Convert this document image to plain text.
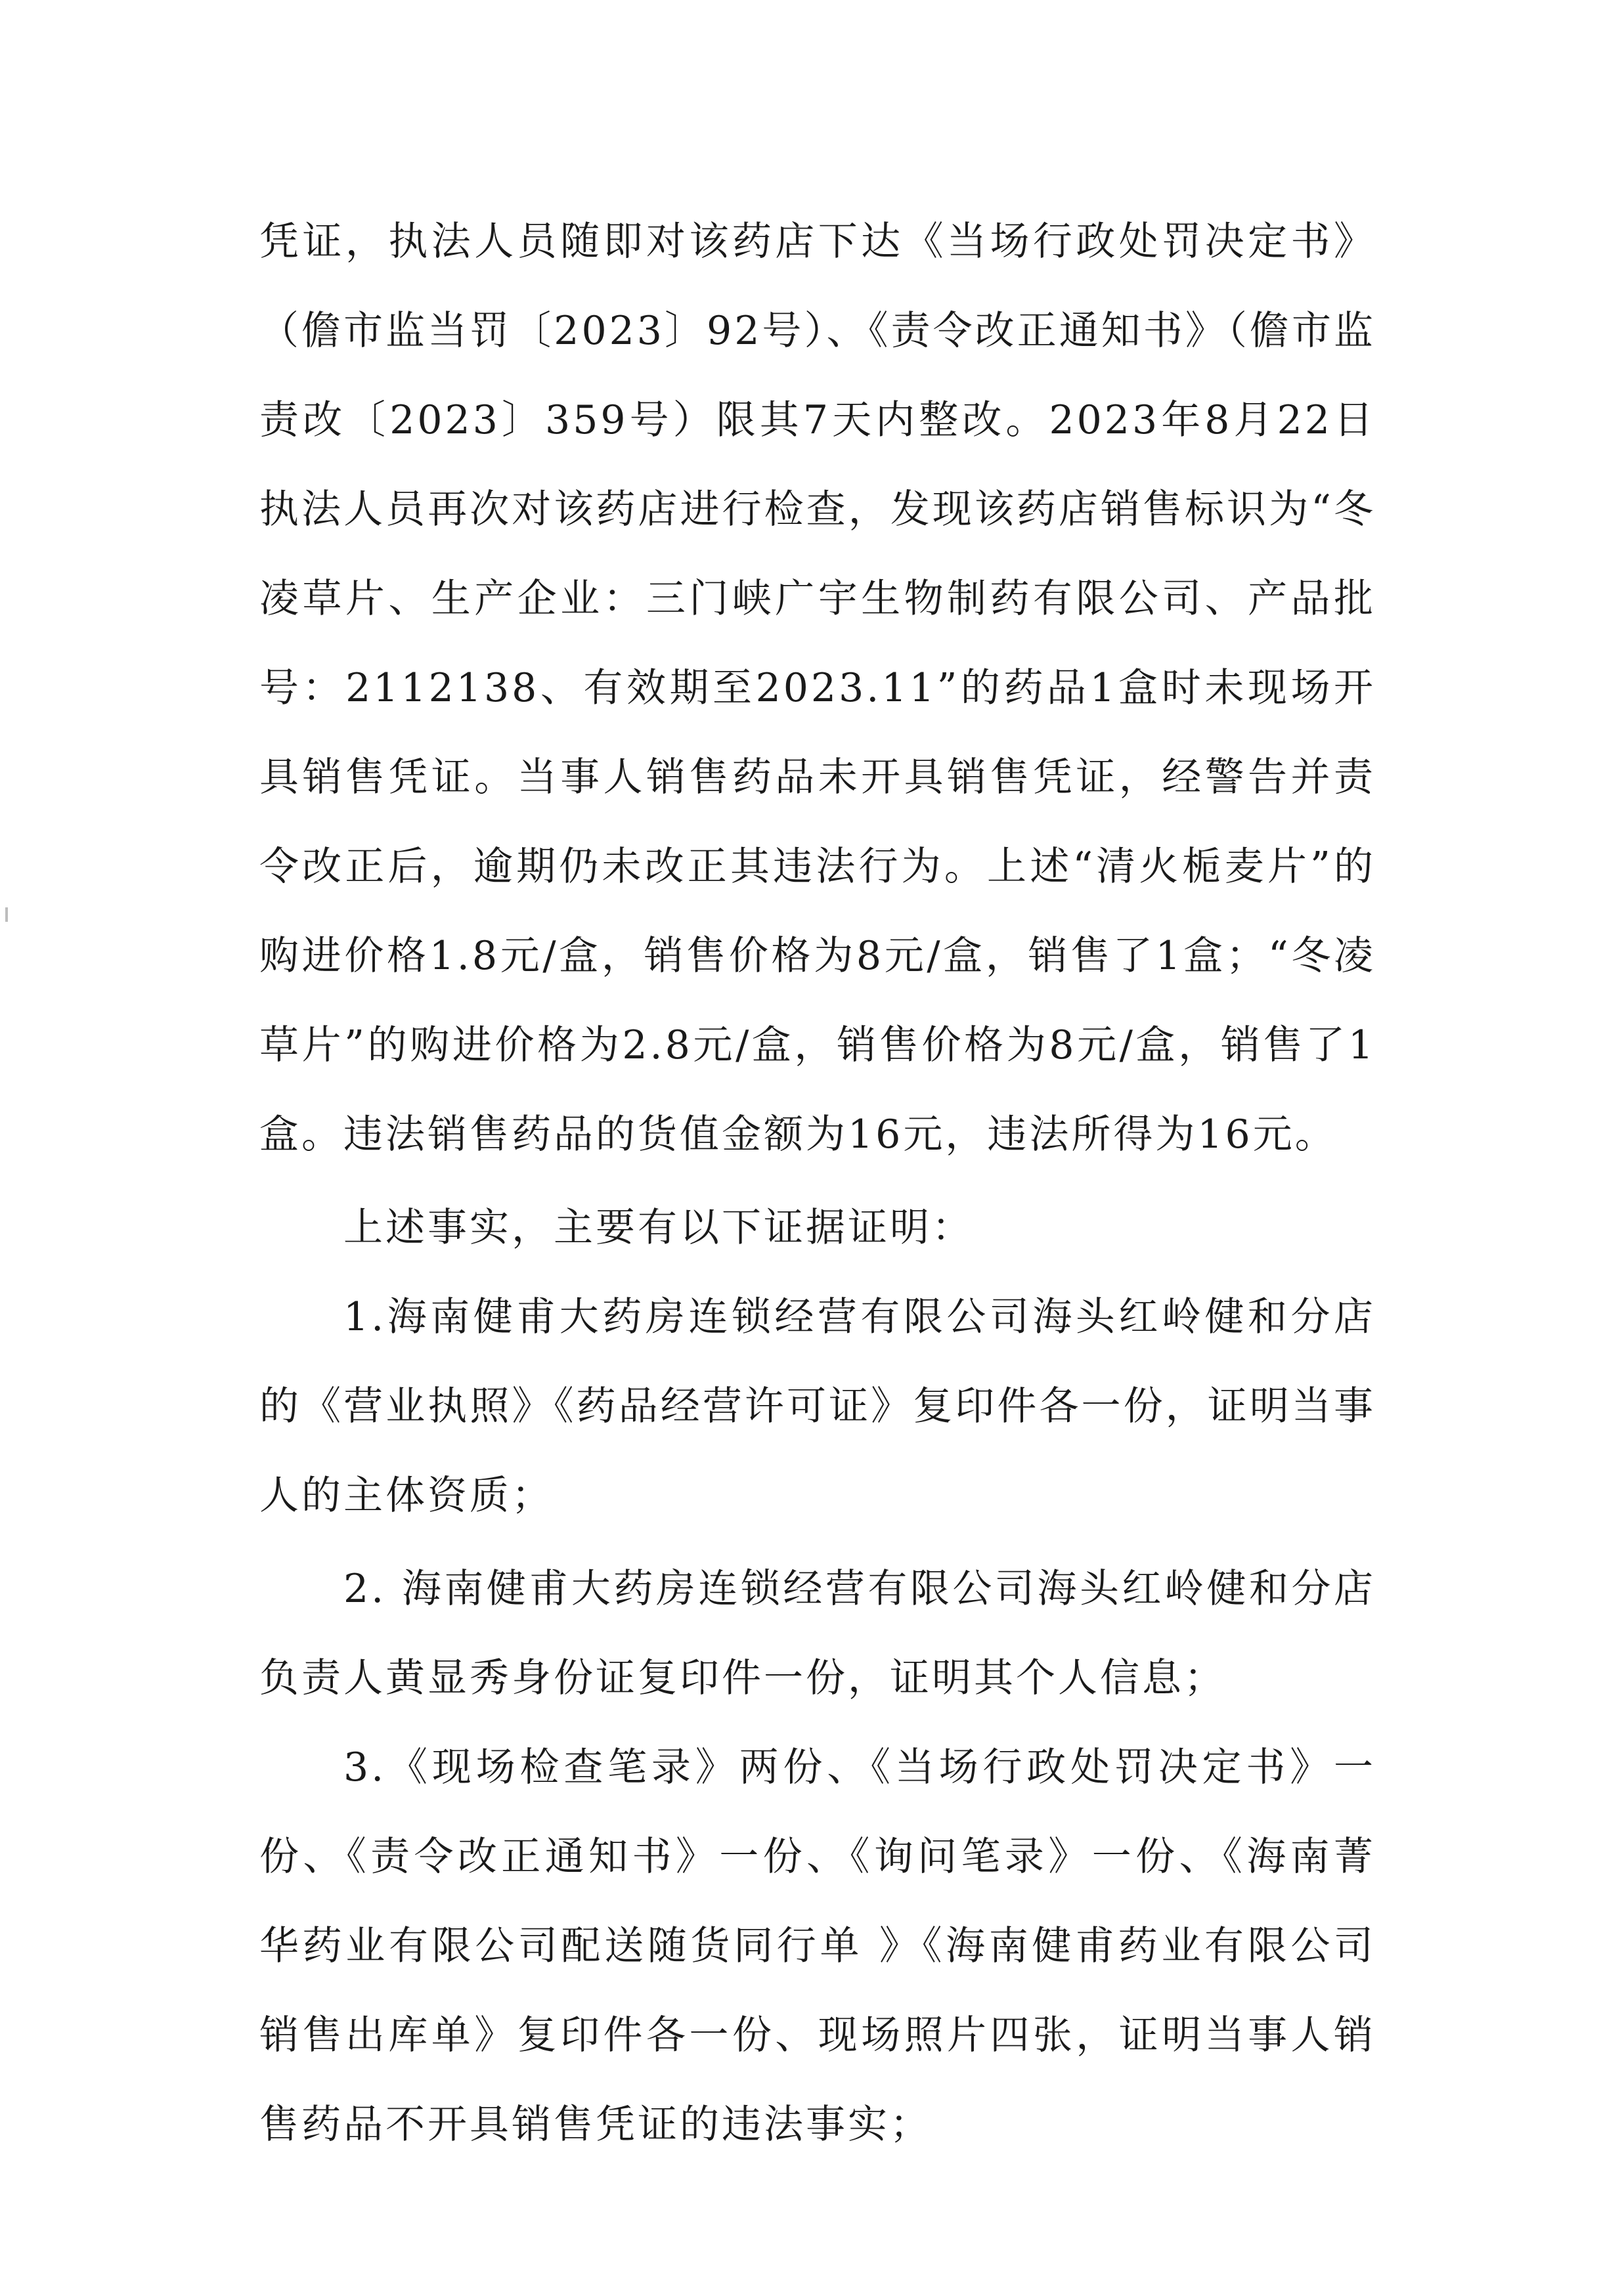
凭证，执法人员随即对该药店下达《当场行政处罚决定书》（儋市监当罚〔2023〕92号）、《责令改正通知书》（儋市监责改〔2023〕359号）限其7天内整改。2023年8月22日执法人员再次对该药店进行检查，发现该药店销售标识为“冬凌草片、生产企业：三门峡广宇生物制药有限公司、产品批号：2112138、有效期至2023.11”的药品1盒时未现场开具销售凭证。当事人销售药品未开具销售凭证，经警告并责令改正后，逾期仍未改正其违法行为。上述“清火栀麦片”的购进价格1.8元/盒，销售价格为8元/盒，销售了1盒；“冬凌草片”的购进价格为2.8元/盒，销售价格为8元/盒，销售了1盒。违法销售药品的货值金额为16元，违法所得为16元。

上述事实，主要有以下证据证明：

1.海南健甫大药房连锁经营有限公司海头红岭健和分店的《营业执照》《药品经营许可证》复印件各一份，证明当事人的主体资质；

2. 海南健甫大药房连锁经营有限公司海头红岭健和分店负责人黄显秀身份证复印件一份，证明其个人信息；

3.《现场检查笔录》两份、《当场行政处罚决定书》一份、《责令改正通知书》一份、《询问笔录》一份、《海南菁华药业有限公司配送随货同行单 》《海南健甫药业有限公司销售出库单》复印件各一份、现场照片四张，证明当事人销售药品不开具销售凭证的违法事实；
